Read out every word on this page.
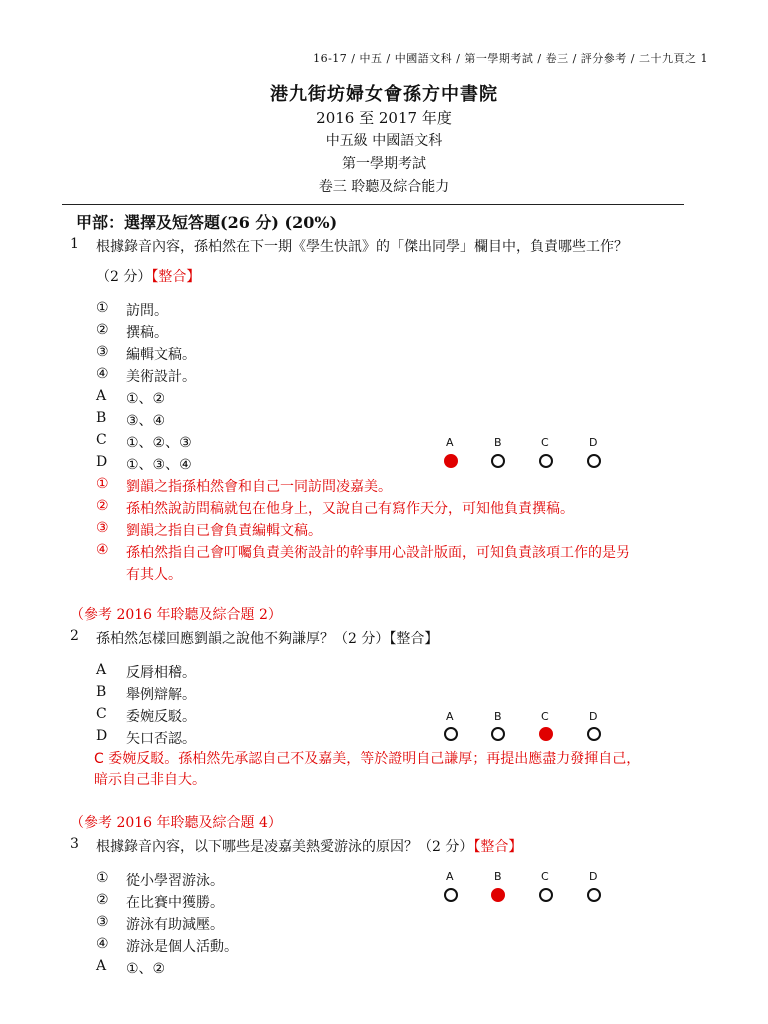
16-17 / 中五 / 中國語文科 / 第一學期考試 / 卷三 / 評分參考 / 二十九頁之 1
港九街坊婦女會孫方中書院
2016 至 2017 年度
中五級 中國語文科
第一學期考試
卷三 聆聽及綜合能力
甲部：選擇及短答題(26 分) (20%)
1 根據錄音內容，孫柏然在下一期《學生快訊》的「傑出同學」欄目中，負責哪些工作？
（2 分）【整合】
① 訪問。
② 撰稿。
③ 編輯文稿。
④ 美術設計。
A ①、②
B ③、④
C ①、②、③
D ①、③、④
A	B	C	D
① 劉韻之指孫柏然會和自己一同訪問凌嘉美。
② 孫柏然說訪問稿就包在他身上，又說自己有寫作天分，可知他負責撰稿。
③ 劉韻之指自已會負責編輯文稿。
④ 孫柏然指自己會叮囑負責美術設計的幹事用心設計版面，可知負責該項工作的是另
有其人。
（參考 2016 年聆聽及綜合題 2）
2 孫柏然怎樣回應劉韻之說他不夠謙厚？（2 分）【整合】
A 反脣相稽。
B 舉例辯解。
C 委婉反駁。
D 矢口否認。
A	B	C	D
C 委婉反駁。孫柏然先承認自己不及嘉美，等於證明自己謙厚；再提出應盡力發揮自己，
暗示自己非自大。
（參考 2016 年聆聽及綜合題 4）
3 根據錄音內容，以下哪些是凌嘉美熱愛游泳的原因？（2 分）【整合】
① 從小學習游泳。
② 在比賽中獲勝。
③ 游泳有助減壓。
④ 游泳是個人活動。
A ①、②
A	B	C	D
